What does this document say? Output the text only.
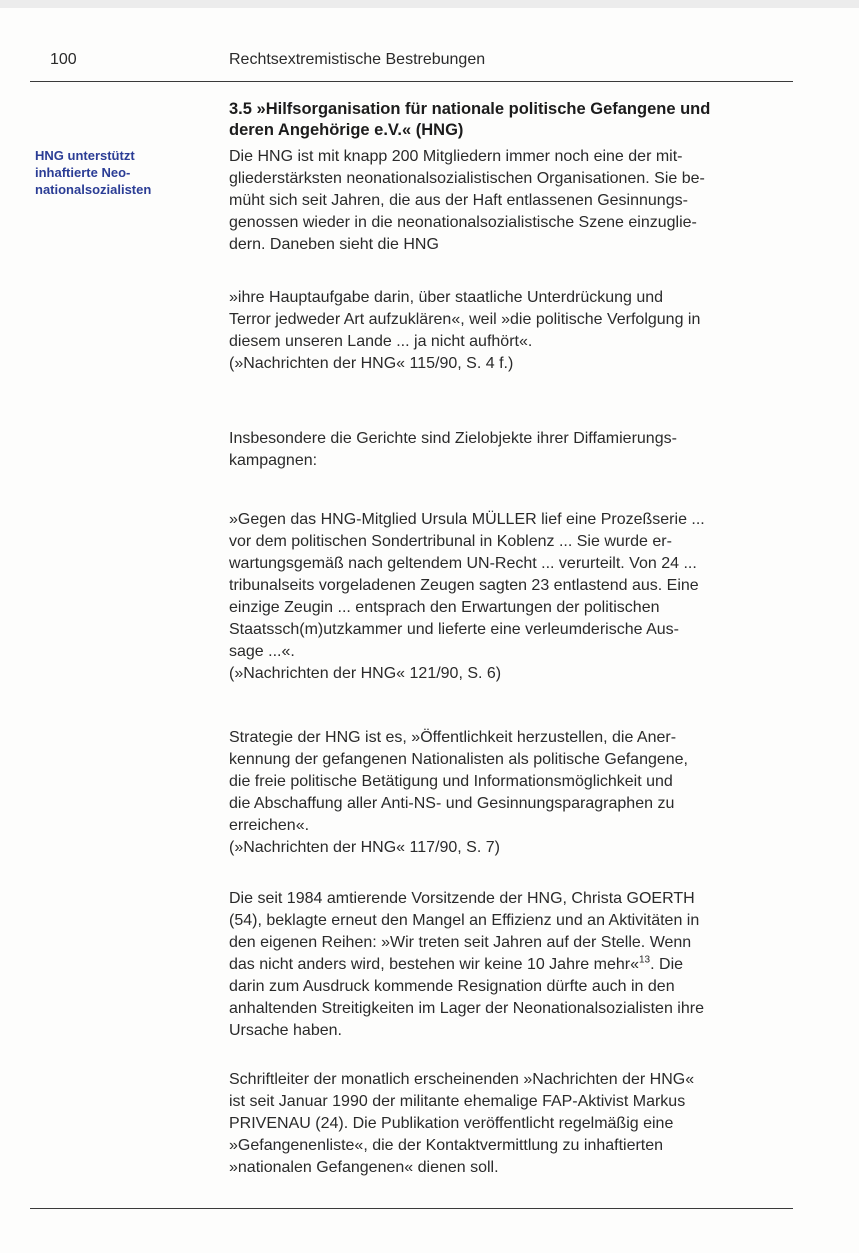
100	Rechtsextremistische Bestrebungen
HNG unterstützt
inhaftierte Neo-
nationalsozialisten
3.5 »Hilfsorganisation für nationale politische Gefangene und
deren Angehörige e.V.« (HNG)
Die HNG ist mit knapp 200 Mitgliedern immer noch eine der mit-
gliederstärksten neonationalsozialistischen Organisationen. Sie be-
müht sich seit Jahren, die aus der Haft entlassenen Gesinnungs-
genossen wieder in die neonationalsozialistische Szene einzuglie-
dern. Daneben sieht die HNG
»ihre Hauptaufgabe darin, über staatliche Unterdrückung und
Terror jedweder Art aufzuklären«, weil »die politische Verfolgung in
diesem unseren Lande ... ja nicht aufhört«.
(»Nachrichten der HNG« 115/90, S. 4 f.)
Insbesondere die Gerichte sind Zielobjekte ihrer Diffamierungs-
kampagnen:
»Gegen das HNG-Mitglied Ursula MÜLLER lief eine Prozeßserie ...
vor dem politischen Sondertribunal in Koblenz ... Sie wurde er-
wartungsgemäß nach geltendem UN-Recht ... verurteilt. Von 24 ...
tribunalseits vorgeladenen Zeugen sagten 23 entlastend aus. Eine
einzige Zeugin ... entsprach den Erwartungen der politischen
Staatssch(m)utzkammer und lieferte eine verleumderische Aus-
sage ...«.
(»Nachrichten der HNG« 121/90, S. 6)
Strategie der HNG ist es, »Öffentlichkeit herzustellen, die Aner-
kennung der gefangenen Nationalisten als politische Gefangene,
die freie politische Betätigung und Informationsmöglichkeit und
die Abschaffung aller Anti-NS- und Gesinnungsparagraphen zu
erreichen«.
(»Nachrichten der HNG« 117/90, S. 7)
Die seit 1984 amtierende Vorsitzende der HNG, Christa GOERTH
(54), beklagte erneut den Mangel an Effizienz und an Aktivitäten in
den eigenen Reihen: »Wir treten seit Jahren auf der Stelle. Wenn
das nicht anders wird, bestehen wir keine 10 Jahre mehr«$^{13}$. Die
darin zum Ausdruck kommende Resignation dürfte auch in den
anhaltenden Streitigkeiten im Lager der Neonationalsozialisten ihre
Ursache haben.
Schriftleiter der monatlich erscheinenden »Nachrichten der HNG«
ist seit Januar 1990 der militante ehemalige FAP-Aktivist Markus
PRIVENAU (24). Die Publikation veröffentlicht regelmäßig eine
»Gefangenenliste«, die der Kontaktvermittlung zu inhaftierten
»nationalen Gefangenen« dienen soll.
